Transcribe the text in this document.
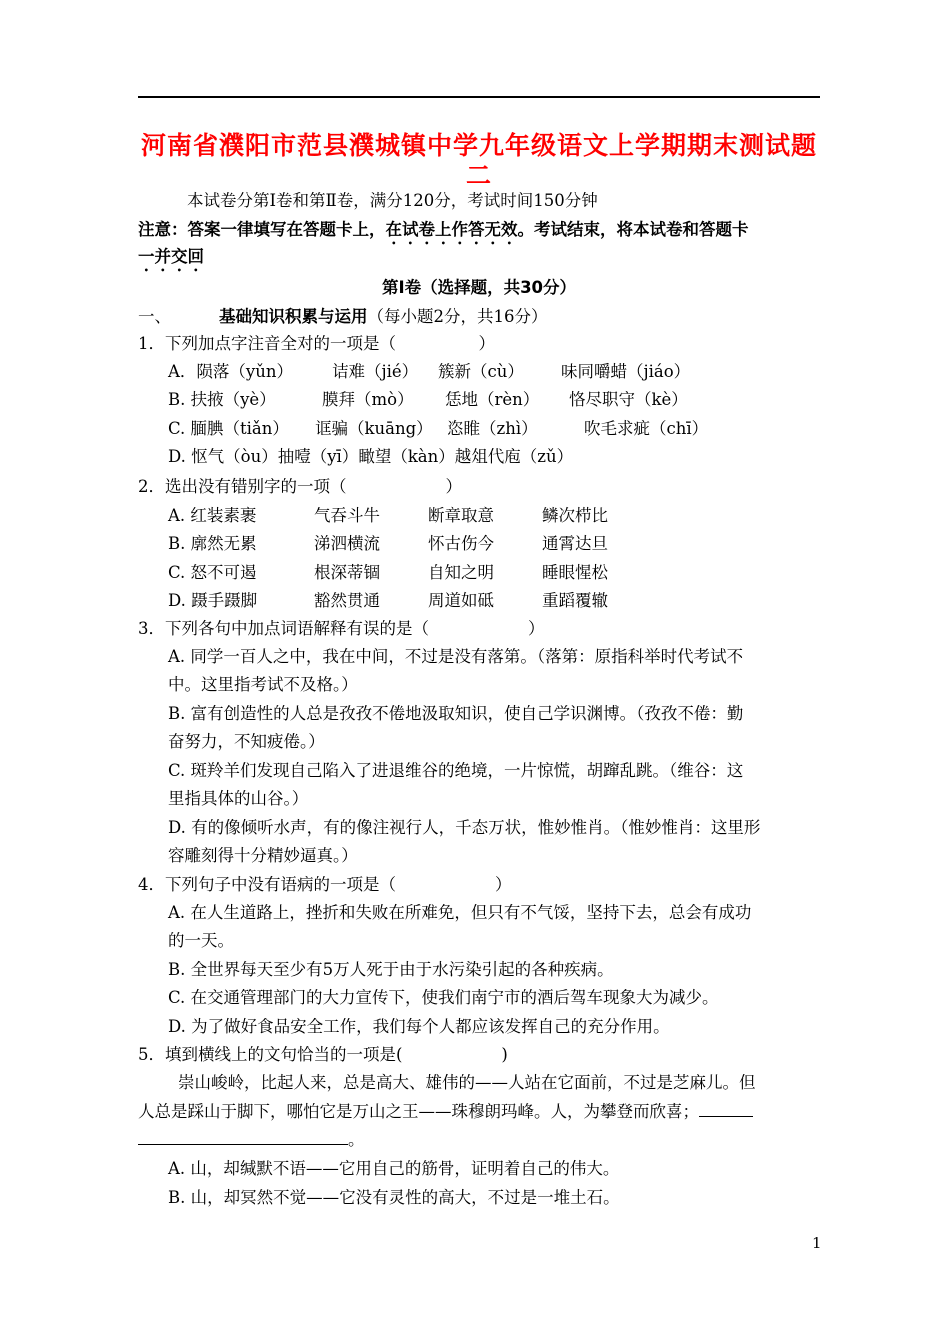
河南省濮阳市范县濮城镇中学九年级语文上学期期末测试题二
本试卷分第Ⅰ卷和第Ⅱ卷，满分120分，考试时间150分钟
注意：答案一律填写在答题卡上，在试卷上作答无效。考试结束，将本试卷和答题卡
一并交回
第Ⅰ卷（选择题，共30分）
一、	基础知识积累与运用（每小题2分，共16分）
1．下列加点字注音全对的一项是（　　　　　）
A．陨落（yǔn） 诘难（jié） 簇新（cù） 味同嚼蜡（jiáo）
B. 扶掖（yè）	膜拜（mò） 恁地（rèn） 恪尽职守（kè）
C. 腼腆（tiǎn） 诓骗（kuāng） 恣睢（zhì）	吹毛求疵（chī）
D. 怄气（òu）抽噎（yī）瞰望（kàn）越俎代庖（zǔ）
2．选出没有错别字的一项（　　　　　　）
A. 红装素裹	气吞斗牛	断章取意	鳞次栉比
B. 廓然无累	涕泗横流	怀古伤今	通霄达旦
C. 怒不可遏	根深蒂锢	自知之明	睡眼惺松
D. 蹑手蹑脚	豁然贯通	周道如砥	重蹈覆辙
3．下列各句中加点词语解释有误的是（　　　　　　）
A. 同学一百人之中，我在中间，不过是没有落第。（落第：原指科举时代考试不
中。这里指考试不及格。）
B. 富有创造性的人总是孜孜不倦地汲取知识，使自己学识渊博。（孜孜不倦：勤
奋努力，不知疲倦。）
C. 斑羚羊们发现自己陷入了进退维谷的绝境，一片惊慌，胡蹿乱跳。（维谷：这
里指具体的山谷。）
D. 有的像倾听水声，有的像注视行人，千态万状，惟妙惟肖。（惟妙惟肖：这里形
容雕刻得十分精妙逼真。）
4．下列句子中没有语病的一项是（　　　　　　）
A. 在人生道路上，挫折和失败在所难免，但只有不气馁，坚持下去，总会有成功
的一天。
B. 全世界每天至少有5万人死于由于水污染引起的各种疾病。
C. 在交通管理部门的大力宣传下，使我们南宁市的酒后驾车现象大为减少。
D. 为了做好食品安全工作，我们每个人都应该发挥自己的充分作用。
5．填到横线上的文句恰当的一项是(　　　　　　)
崇山峻岭，比起人来，总是高大、雄伟的——人站在它面前，不过是芝麻儿。但
人总是踩山于脚下，哪怕它是万山之王——珠穆朗玛峰。人，为攀登而欣喜；
。
A. 山，却缄默不语——它用自己的筋骨，证明着自己的伟大。
B. 山，却冥然不觉——它没有灵性的高大，不过是一堆土石。
1
